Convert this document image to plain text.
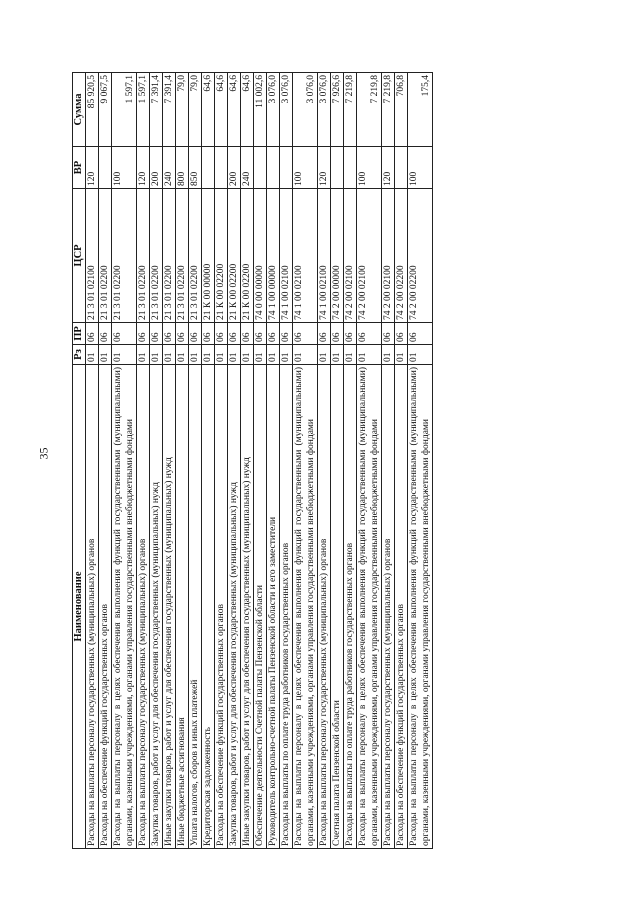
35
Наименование	Рз	ПР	ЦСР	ВР	Сумма
Расходы на выплаты персоналу государственных (муниципальных) органов	01	06	21 3 01 02100	120	85 920,5
Расходы на обеспечение функций государственных органов	01	06	21 3 01 02200		9 067,5
Расходы на выплаты персоналу в целях обеспечения выполнения функций государственными (муниципальными) органами, казенными учреждениями, органами управления государственными внебюджетными фондами	01	06	21 3 01 02200	100	1 597,1
Расходы на выплаты персоналу государственных (муниципальных) органов	01	06	21 3 01 02200	120	1 597,1
Закупка товаров, работ и услуг для обеспечения государственных (муниципальных) нужд	01	06	21 3 01 02200	200	7 391,4
Иные закупки товаров, работ и услуг для обеспечения государственных (муниципальных) нужд	01	06	21 3 01 02200	240	7 391,4
Иные бюджетные ассигнования	01	06	21 3 01 02200	800	79,0
Уплата налогов, сборов и иных платежей	01	06	21 3 01 02200	850	79,0
Кредиторская задолженность	01	06	21 К 00 00000		64,6
Расходы на обеспечение функций государственных органов	01	06	21 К 00 02200		64,6
Закупка товаров, работ и услуг для обеспечения государственных (муниципальных) нужд	01	06	21 К 00 02200	200	64,6
Иные закупки товаров, работ и услуг для обеспечения государственных (муниципальных) нужд	01	06	21 К 00 02200	240	64,6
Обеспечение деятельности Счетной палаты Пензенской области	01	06	74 0 00 00000		11 002,6
Руководитель контрольно-счетной палаты Пензенской области и его заместители	01	06	74 1 00 00000		3 076,0
Расходы на выплаты по оплате труда работников государственных органов	01	06	74 1 00 02100		3 076,0
Расходы на выплаты персоналу в целях обеспечения выполнения функций государственными (муниципальными) органами, казенными учреждениями, органами управления государственными внебюджетными фондами	01	06	74 1 00 02100	100	3 076,0
Расходы на выплаты персоналу государственных (муниципальных) органов	01	06	74 1 00 02100	120	3 076,0
Счетная палата Пензенской области	01	06	74 2 00 00000		7 926,6
Расходы на выплаты по оплате труда работников государственных органов	01	06	74 2 00 02100		7 219,8
Расходы на выплаты персоналу в целях обеспечения выполнения функций государственными (муниципальными) органами, казенными учреждениями, органами управления государственными внебюджетными фондами	01	06	74 2 00 02100	100	7 219,8
Расходы на выплаты персоналу государственных (муниципальных) органов	01	06	74 2 00 02100	120	7 219,8
Расходы на обеспечение функций государственных органов	01	06	74 2 00 02200		706,8
Расходы на выплаты персоналу в целях обеспечения выполнения функций государственными (муниципальными) органами, казенными учреждениями, органами управления государственными внебюджетными фондами	01	06	74 2 00 02200	100	175,4
